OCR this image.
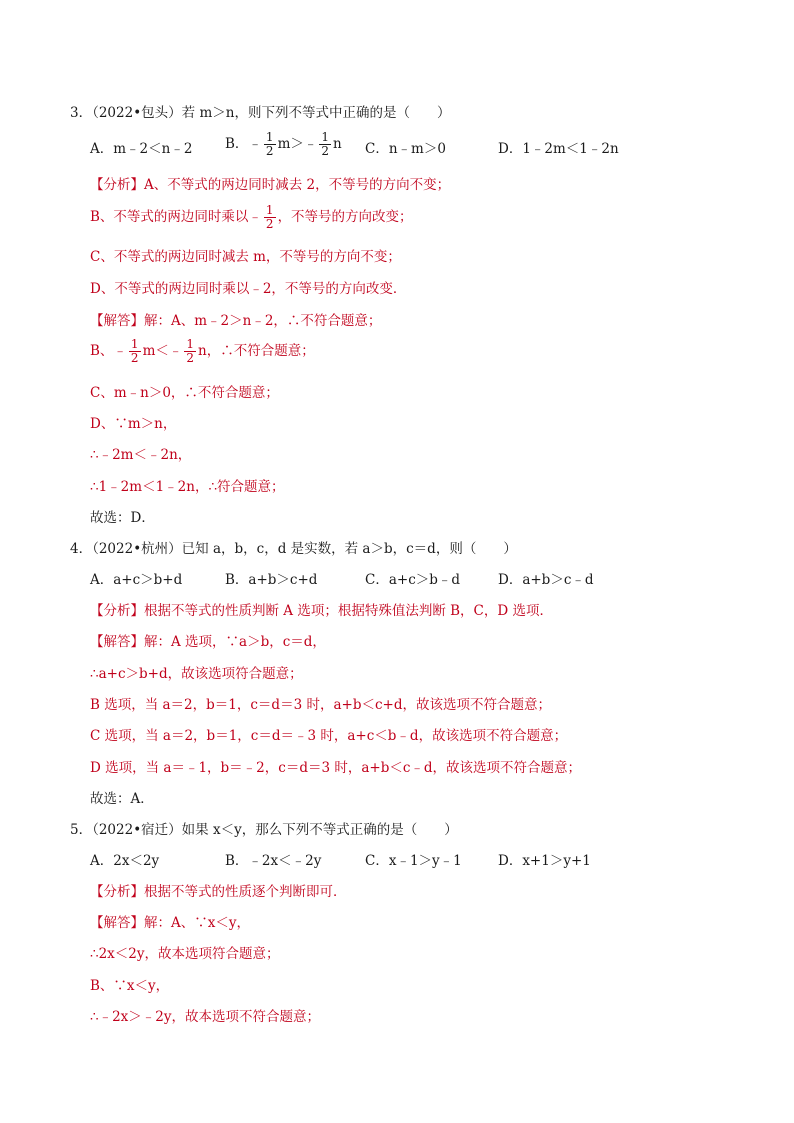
3．（2022•包头）若 m＞n，则下列不等式中正确的是（　　）
A．m﹣2＜n﹣2 B．﹣ $\frac{1}{2}$ m＞﹣ $\frac{1}{2}$ n C．n﹣m＞0	D．1﹣2m＜1﹣2n
【分析】A、不等式的两边同时减去 2，不等号的方向不变；
B、不等式的两边同时乘以﹣ $\frac{1}{2}$ ，不等号的方向改变；
C、不等式的两边同时减去 m，不等号的方向不变；
D、不等式的两边同时乘以﹣2，不等号的方向改变．
【解答】解：A、m﹣2＞n﹣2，∴不符合题意；
B、﹣ $\frac{1}{2}$ m＜﹣ $\frac{1}{2}$ n，∴不符合题意；
C、m﹣n＞0，∴不符合题意；
D、∵m＞n，
∴﹣2m＜﹣2n，
∴1﹣2m＜1﹣2n，∴符合题意；
故选：D．
4．（2022•杭州）已知 a，b，c，d 是实数，若 a＞b，c＝d，则（　　）
A．a+c＞b+d	B．a+b＞c+d	C．a+c＞b﹣d	D．a+b＞c﹣d
【分析】根据不等式的性质判断 A 选项；根据特殊值法判断 B，C，D 选项．
【解答】解：A 选项，∵a＞b，c＝d，
∴a+c＞b+d，故该选项符合题意；
B 选项，当 a＝2，b＝1，c＝d＝3 时，a+b＜c+d，故该选项不符合题意；
C 选项，当 a＝2，b＝1，c＝d＝﹣3 时，a+c＜b﹣d，故该选项不符合题意；
D 选项，当 a＝﹣1，b＝﹣2，c＝d＝3 时，a+b＜c﹣d，故该选项不符合题意；
故选：A．
5．（2022•宿迁）如果 x＜y，那么下列不等式正确的是（　　）
A．2x＜2y	B．﹣2x＜﹣2y	C．x﹣1＞y﹣1	D．x+1＞y+1
【分析】根据不等式的性质逐个判断即可．
【解答】解：A、∵x＜y，
∴2x＜2y，故本选项符合题意；
B、∵x＜y，
∴﹣2x＞﹣2y，故本选项不符合题意；
